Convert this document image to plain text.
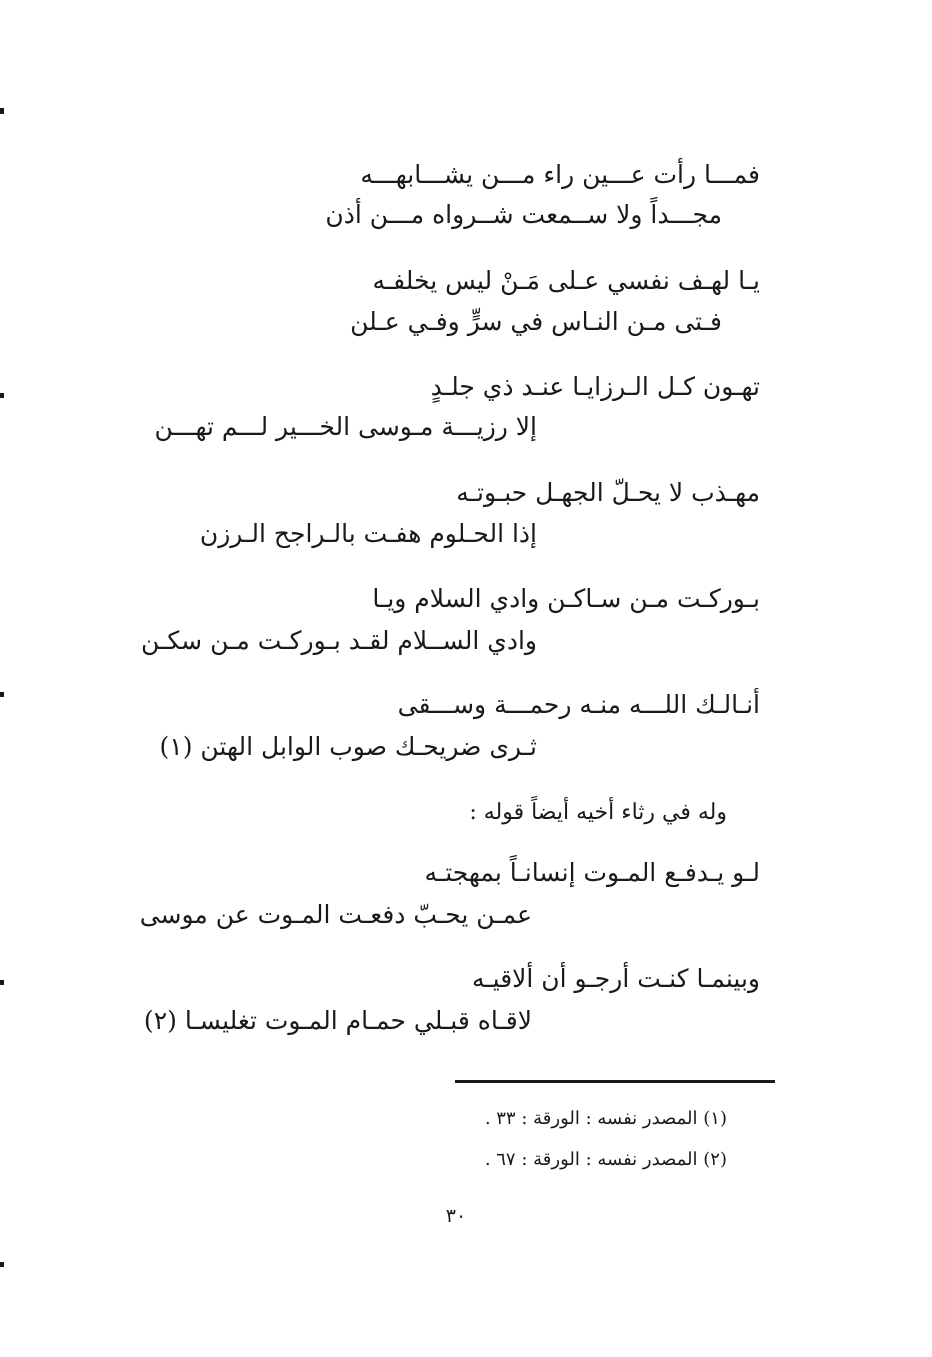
فمـــا رأت عـــين راء مـــن يشـــابهـــه
مجـــداً ولا ســمعت شــرواه مـــن أذن
يـا لهـف نفسي عـلى مَـنْ ليس يخلفـه
فـتى مـن النـاس في سرٍّ وفـي عـلن
تهـون كـل الـرزايـا عنـد ذي جلـدٍ
إلا رزيـــة مـوسى الخـــير لـــم تهـــن
مهـذب لا يحـلّ الجهـل حبـوتـه
إذا الحـلوم هفـت بالـراجح الـرزن
بـوركـت مـن سـاكـن وادي السلام ويـا
وادي الســلام لقـد بـوركـت مـن سكـن
أنـالـك اللـــه منـه رحمـــة وســـقى
ثـرى ضريحـك صوب الوابل الهتن (١)
وله في رثاء أخيه أيضاً قوله :
لـو يـدفـع المـوت إنسانـاً بمهجتـه
عمـن يحـبّ دفعـت المـوت عن موسى
وبينمـا كنـت أرجـو أن ألاقيـه
لاقـاه قبـلي حمـام المـوت تغليسـا (٢)
(١) المصدر نفسه : الورقة : ٣٣ .
(٢) المصدر نفسه : الورقة : ٦٧ .
٣٠
